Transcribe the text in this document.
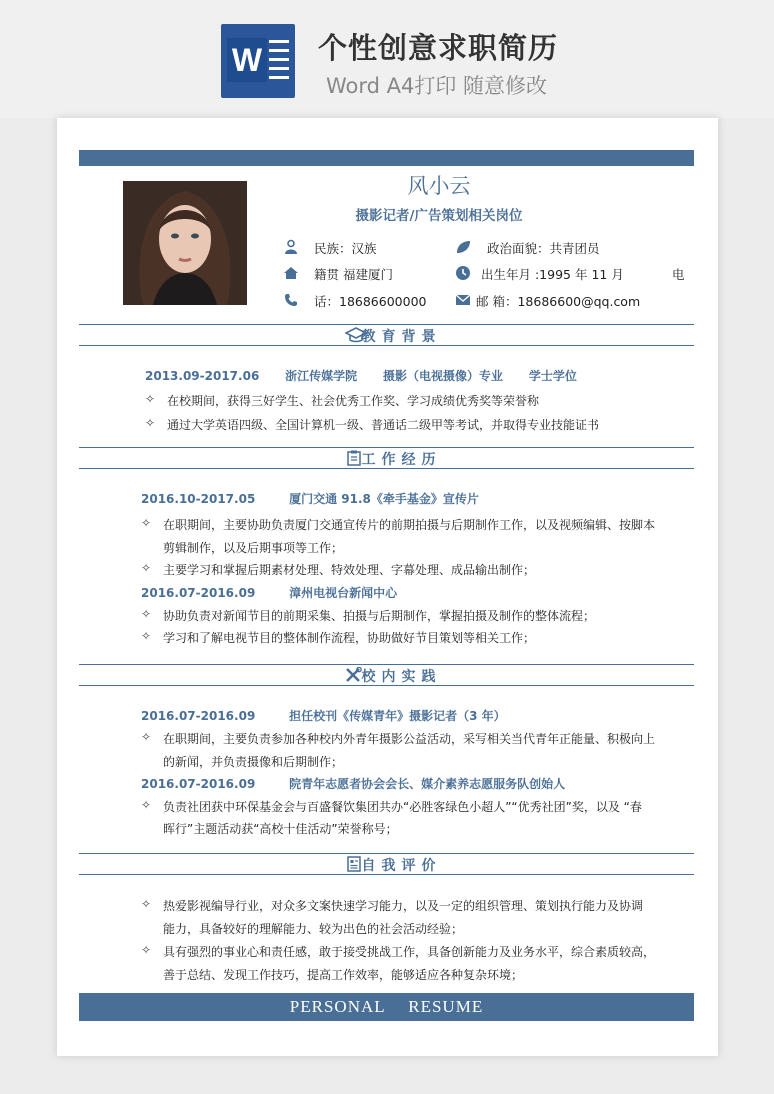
W 个性创意求职简历
Word A4打印 随意修改
风小云
摄影记者/广告策划相关岗位
民族：汉族	政治面貌：共青团员
籍贯 福建厦门	出生年月 :1995 年 11 月	电
话：18686600000	邮 箱：18686600@qq.com
教育背景
2013.09-2017.06 浙江传媒学院 摄影（电视摄像）专业 学士学位
✧ 在校期间，获得三好学生、社会优秀工作奖、学习成绩优秀奖等荣誉称
✧ 通过大学英语四级、全国计算机一级、普通话二级甲等考试，并取得专业技能证书
工作经历
2016.10-2017.05	厦门交通 91.8《牵手基金》宣传片
✧ 在职期间，主要协助负责厦门交通宣传片的前期拍摄与后期制作工作，以及视频编辑、按脚本
剪辑制作，以及后期事项等工作；
✧ 主要学习和掌握后期素材处理、特效处理、字幕处理、成品输出制作；
2016.07-2016.09	漳州电视台新闻中心
✧ 协助负责对新闻节目的前期采集、拍摄与后期制作，掌握拍摄及制作的整体流程；
✧ 学习和了解电视节目的整体制作流程，协助做好节目策划等相关工作；
校内实践
2016.07-2016.09	担任校刊《传媒青年》摄影记者（3 年）
✧ 在职期间，主要负责参加各种校内外青年摄影公益活动，采写相关当代青年正能量、积极向上
的新闻，并负责摄像和后期制作；
2016.07-2016.09	院青年志愿者协会会长、媒介素养志愿服务队创始人
✧ 负责社团获中环保基金会与百盛餐饮集团共办“必胜客绿色小超人”“优秀社团”奖，以及 “春
晖行”主题活动获“高校十佳活动”荣誉称号；
自我评价
✧ 热爱影视编导行业，对众多文案快速学习能力，以及一定的组织管理、策划执行能力及协调
能力，具备较好的理解能力、较为出色的社会活动经验；
✧ 具有强烈的事业心和责任感，敢于接受挑战工作，具备创新能力及业务水平，综合素质较高，
善于总结、发现工作技巧，提高工作效率，能够适应各种复杂环境；
PERSONAL RESUME
